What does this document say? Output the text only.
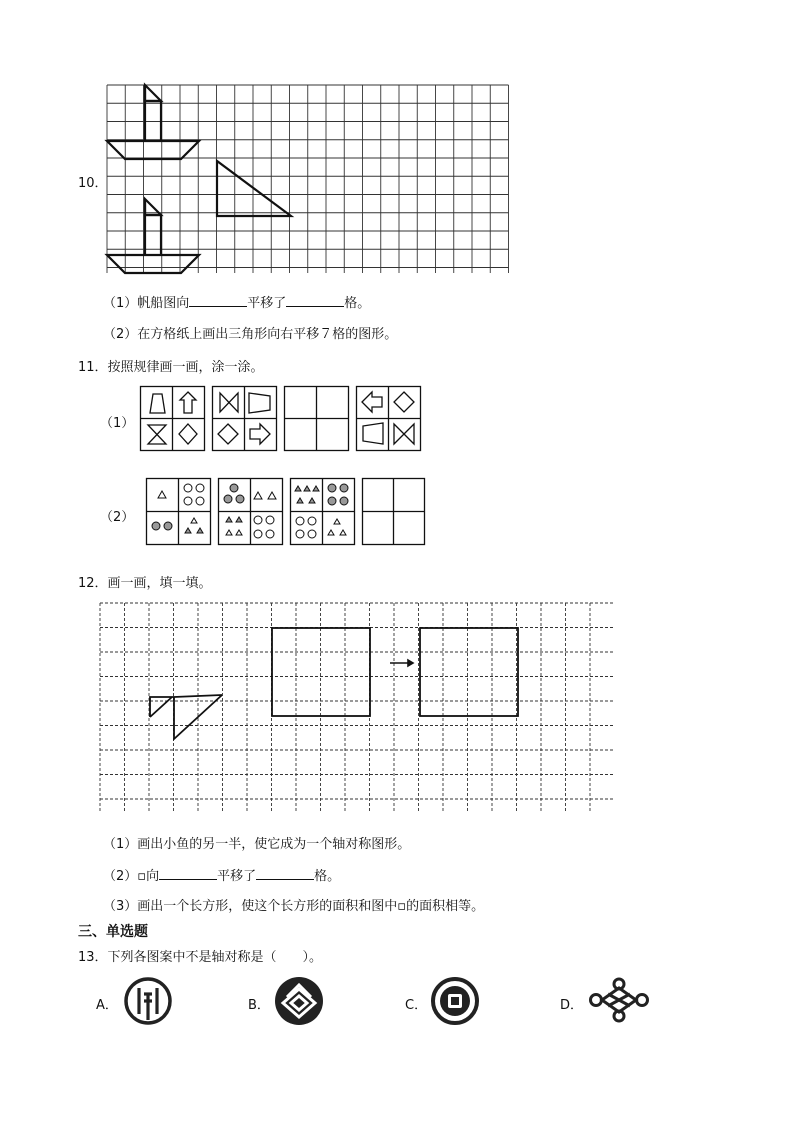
10．
（1）帆船图向	平移了	格。
（2）在方格纸上画出三角形向右平移７格的图形。
11．按照规律画一画，涂一涂。
（1）
（2）
12．画一画，填一填。
（1）画出小鱼的另一半，使它成为一个轴对称图形。
（2）▫向	平移了	格。
（3）画出一个长方形，使这个长方形的面积和图中▫的面积相等。
三、单选题
13．下列各图案中不是轴对称是（　　）。
A．	B．	C．	D．
